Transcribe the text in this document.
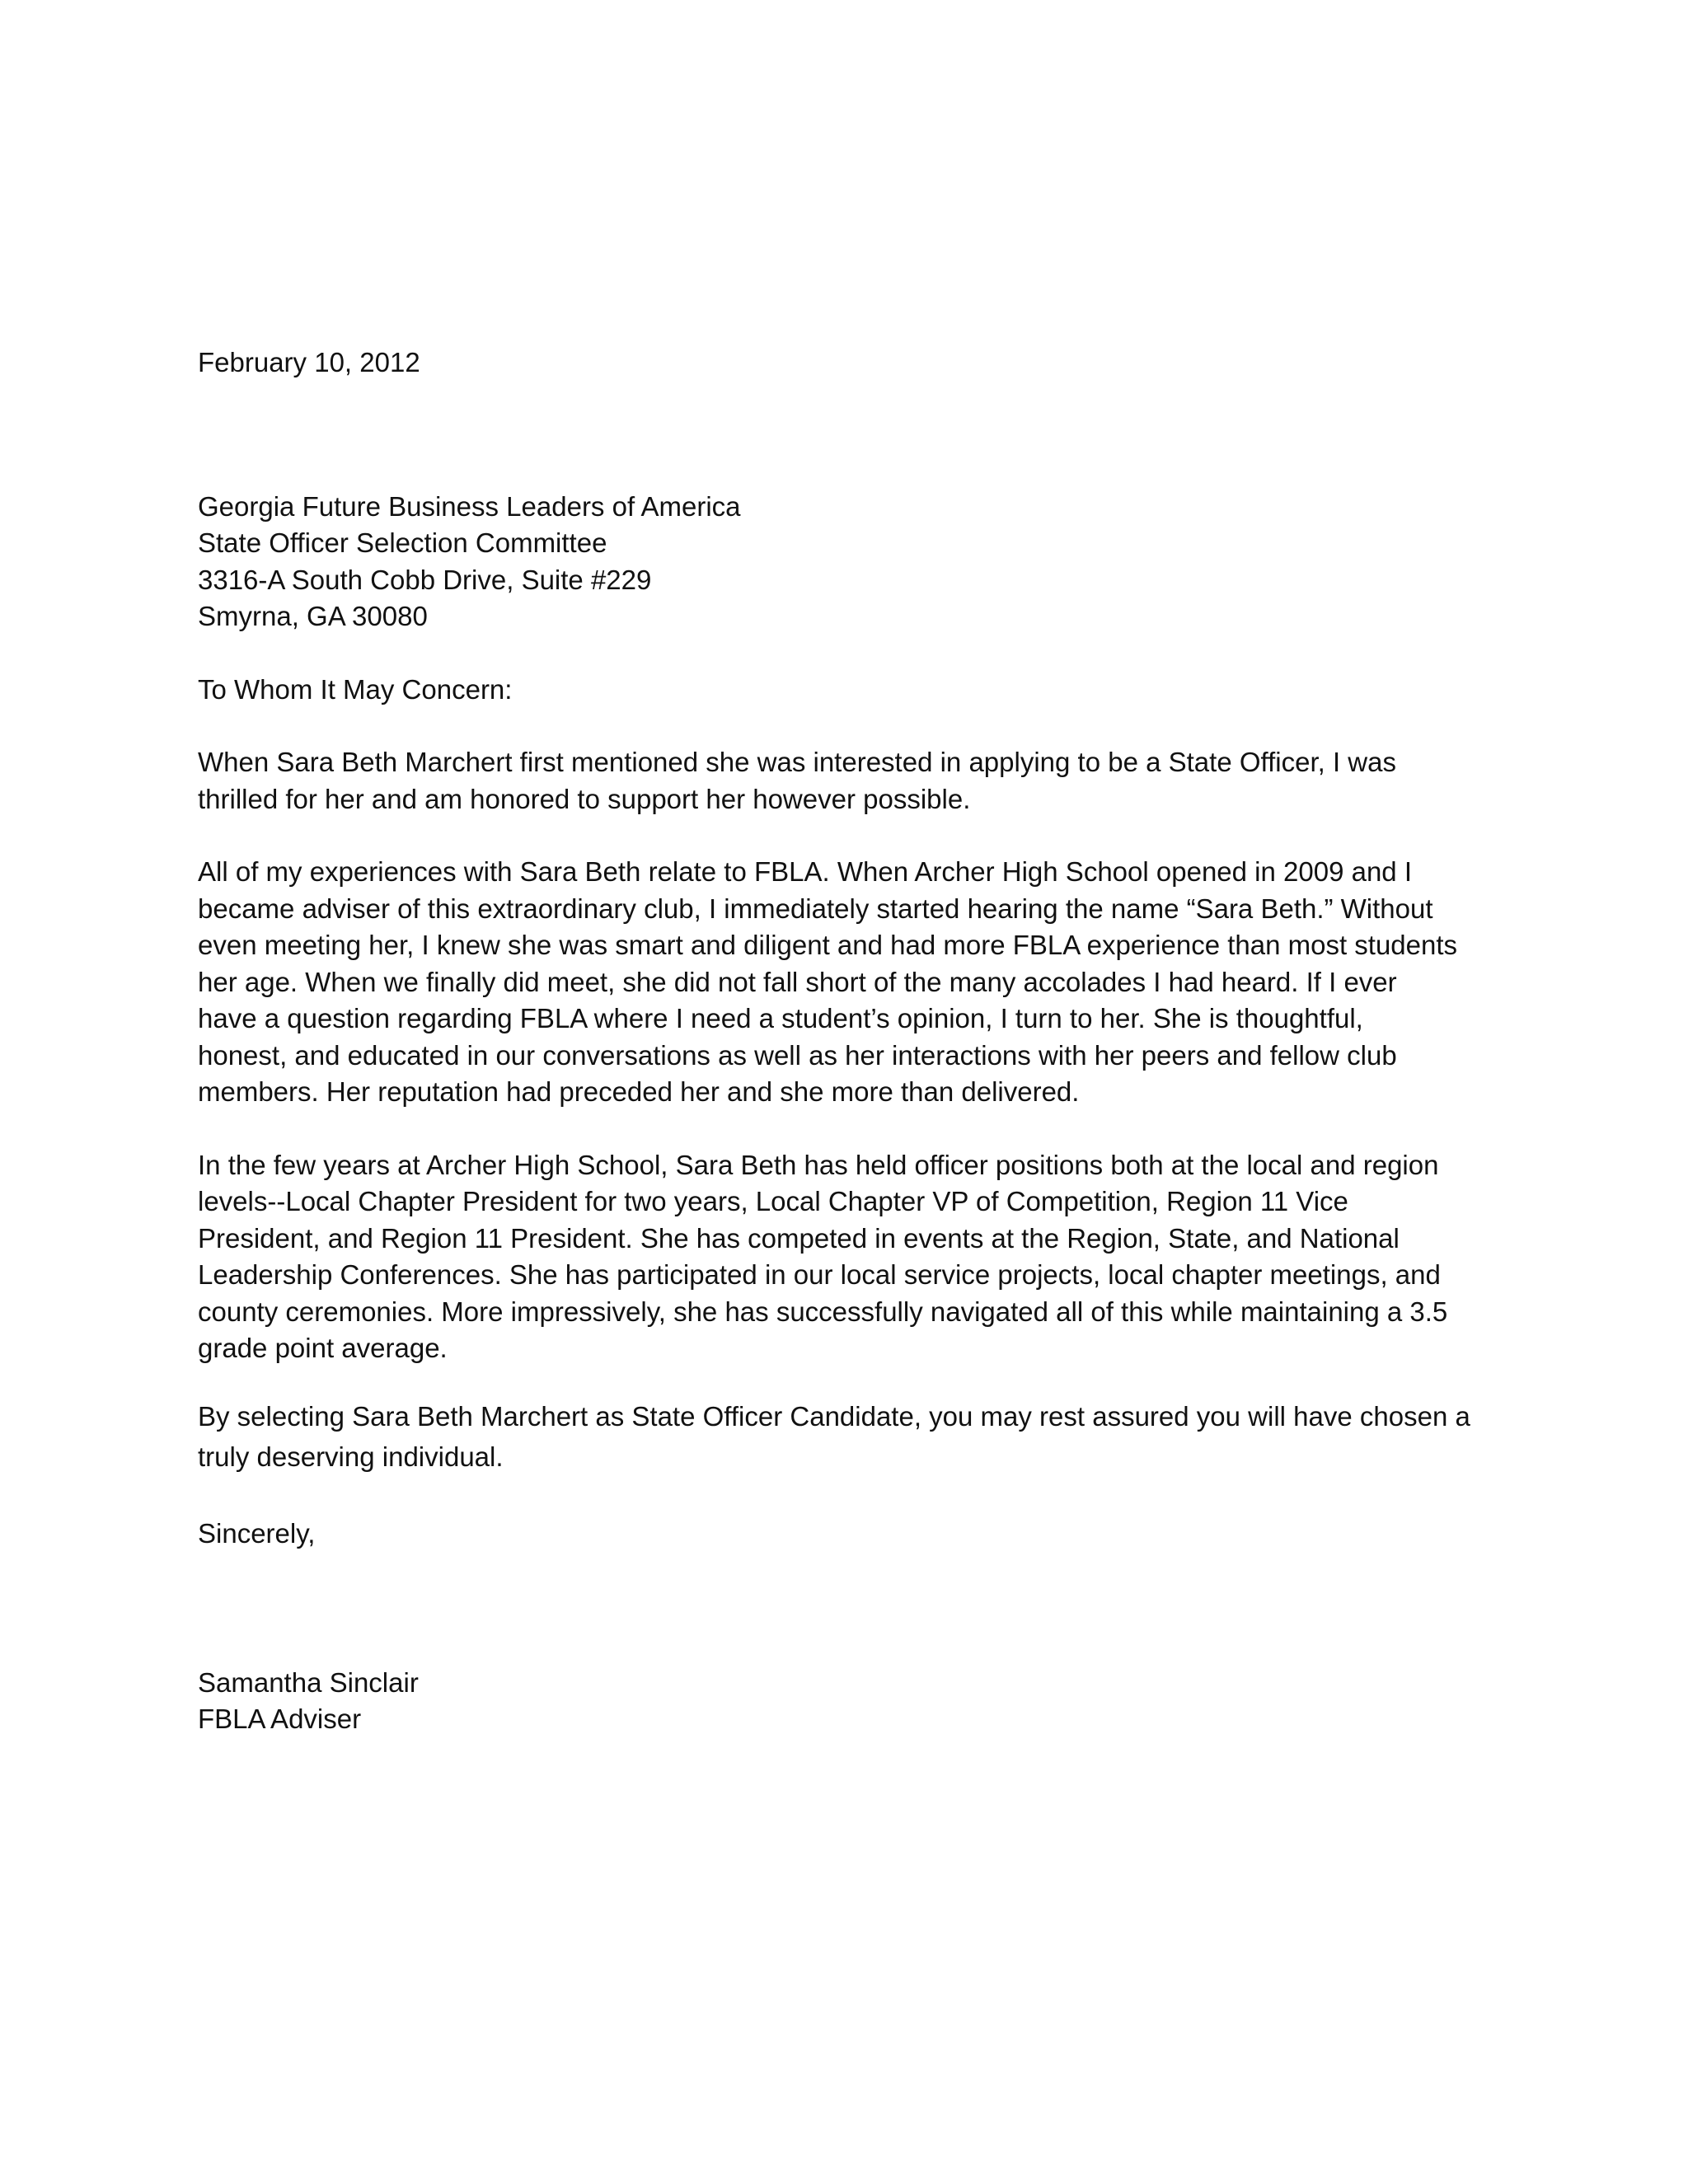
February 10, 2012
Georgia Future Business Leaders of America
State Officer Selection Committee
3316-A South Cobb Drive, Suite #229
Smyrna, GA 30080
To Whom It May Concern:
When Sara Beth Marchert first mentioned she was interested in applying to be a State Officer, I was
thrilled for her and am honored to support her however possible.
All of my experiences with Sara Beth relate to FBLA. When Archer High School opened in 2009 and I
became adviser of this extraordinary club, I immediately started hearing the name “Sara Beth.” Without
even meeting her, I knew she was smart and diligent and had more FBLA experience than most students
her age. When we finally did meet, she did not fall short of the many accolades I had heard. If I ever
have a question regarding FBLA where I need a student’s opinion, I turn to her. She is thoughtful,
honest, and educated in our conversations as well as her interactions with her peers and fellow club
members. Her reputation had preceded her and she more than delivered.
In the few years at Archer High School, Sara Beth has held officer positions both at the local and region
levels--Local Chapter President for two years, Local Chapter VP of Competition, Region 11 Vice
President, and Region 11 President. She has competed in events at the Region, State, and National
Leadership Conferences. She has participated in our local service projects, local chapter meetings, and
county ceremonies. More impressively, she has successfully navigated all of this while maintaining a 3.5
grade point average.
By selecting Sara Beth Marchert as State Officer Candidate, you may rest assured you will have chosen a
truly deserving individual.
Sincerely,
Samantha Sinclair
FBLA Adviser
